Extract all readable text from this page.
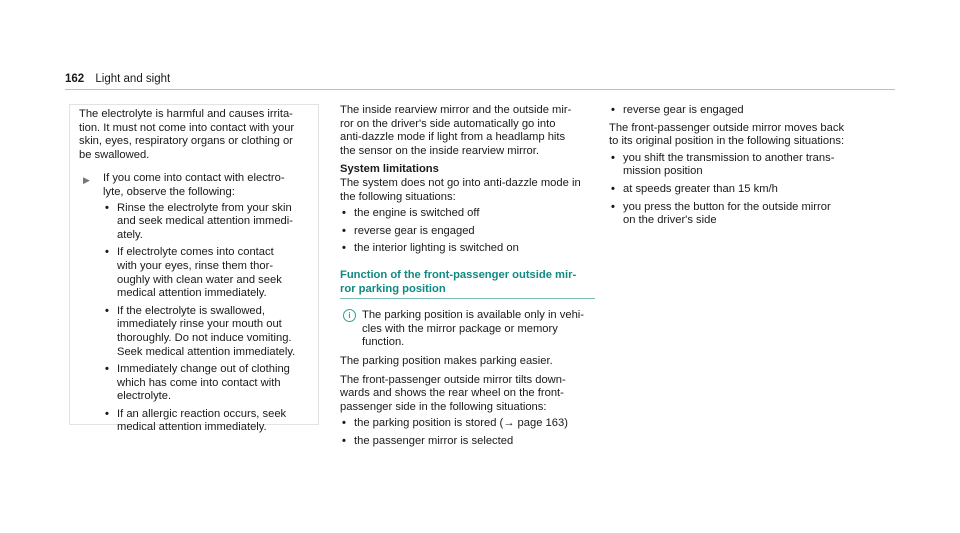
162 Light and sight

The electrolyte is harmful and causes irrita-
tion. It must not come into contact with your
skin, eyes, respiratory organs or clothing or
be swallowed.

▶ If you come into contact with electro-
lyte, observe the following:

• Rinse the electrolyte from your skin
and seek medical attention immedi-
ately.
• If electrolyte comes into contact
with your eyes, rinse them thor-
oughly with clean water and seek
medical attention immediately.
• If the electrolyte is swallowed,
immediately rinse your mouth out
thoroughly. Do not induce vomiting.
Seek medical attention immediately.
• Immediately change out of clothing
which has come into contact with
electrolyte.
• If an allergic reaction occurs, seek
medical attention immediately.

The inside rearview mirror and the outside mir-
ror on the driver's side automatically go into
anti-dazzle mode if light from a headlamp hits
the sensor on the inside rearview mirror.

System limitations

The system does not go into anti-dazzle mode in
the following situations:

• the engine is switched off
• reverse gear is engaged
• the interior lighting is switched on
Function of the front-passenger outside mir-
ror parking position
i	The parking position is available only in vehi-
cles with the mirror package or memory
function.

The parking position makes parking easier.

The front-passenger outside mirror tilts down-
wards and shows the rear wheel on the front-
passenger side in the following situations:

• the parking position is stored (→ page 163)
• the passenger mirror is selected
• reverse gear is engaged

The front-passenger outside mirror moves back
to its original position in the following situations:

• you shift the transmission to another trans-
mission position
• at speeds greater than 15 km/h
• you press the button for the outside mirror
on the driver's side
